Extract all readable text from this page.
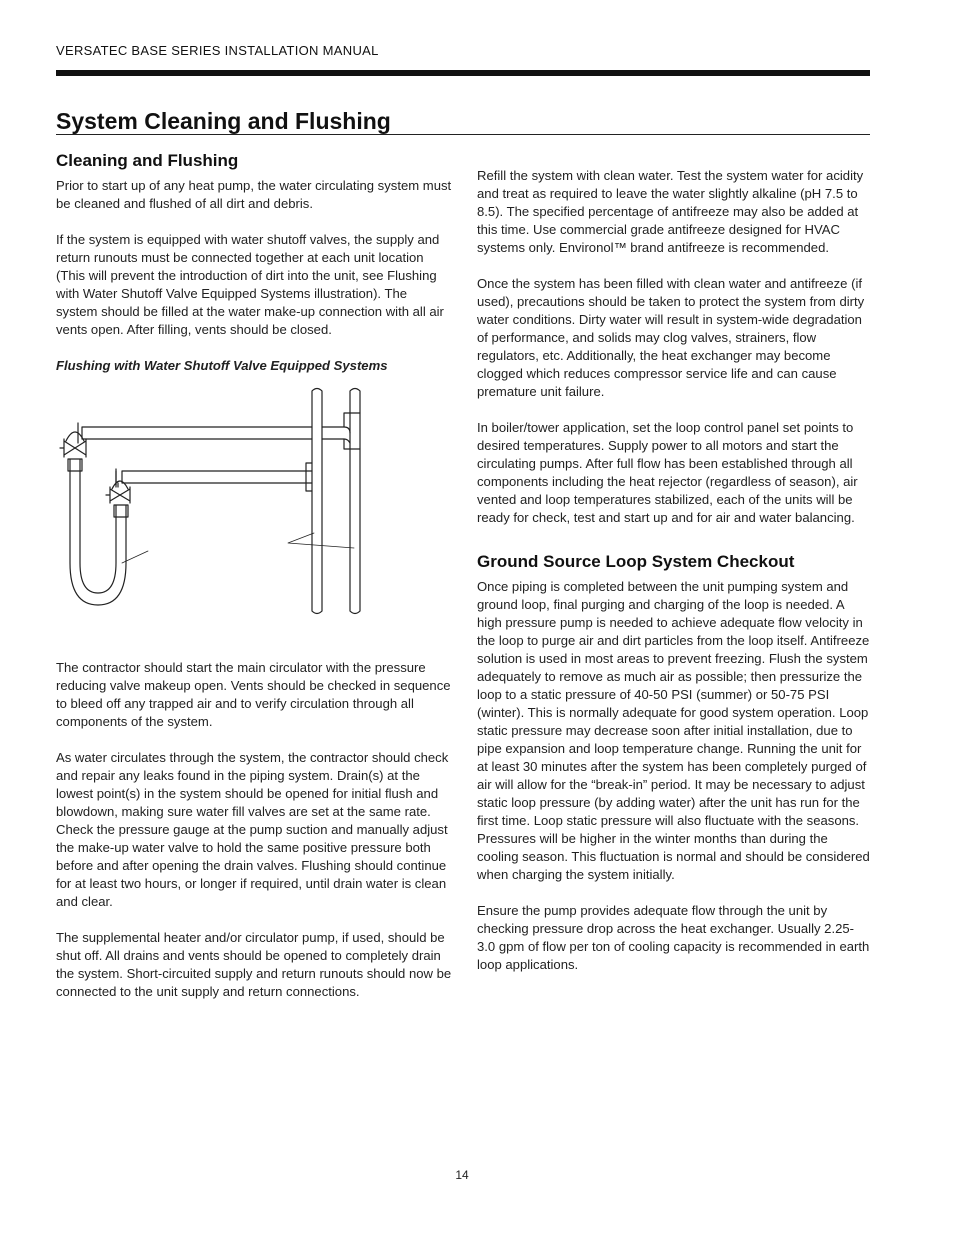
VERSATEC BASE SERIES INSTALLATION MANUAL
System Cleaning and Flushing
Cleaning and Flushing

Prior to start up of any heat pump, the water circulating system must be cleaned and flushed of all dirt and debris.

If the system is equipped with water shutoff valves, the supply and return runouts must be connected together at each unit location (This will prevent the introduction of dirt into the unit, see Flushing with Water Shutoff Valve Equipped Systems illustration). The system should be filled at the water make-up connection with all air vents open. After filling, vents should be closed.

Flushing with Water Shutoff Valve Equipped Systems

The contractor should start the main circulator with the pressure reducing valve makeup open. Vents should be checked in sequence to bleed off any trapped air and to verify circulation through all components of the system.

As water circulates through the system, the contractor should check and repair any leaks found in the piping system. Drain(s) at the lowest point(s) in the system should be opened for initial flush and blowdown, making sure water fill valves are set at the same rate. Check the pressure gauge at the pump suction and manually adjust the make-up water valve to hold the same positive pressure both before and after opening the drain valves. Flushing should continue for at least two hours, or longer if required, until drain water is clean and clear.

The supplemental heater and/or circulator pump, if used, should be shut off. All drains and vents should be opened to completely drain the system. Short-circuited supply and return runouts should now be connected to the unit supply and return connections.

Refill the system with clean water. Test the system water for acidity and treat as required to leave the water slightly alkaline (pH 7.5 to 8.5). The specified percentage of antifreeze may also be added at this time. Use commercial grade antifreeze designed for HVAC systems only. Environol™ brand antifreeze is recommended.

Once the system has been filled with clean water and antifreeze (if used), precautions should be taken to protect the system from dirty water conditions. Dirty water will result in system-wide degradation of performance, and solids may clog valves, strainers, flow regulators, etc. Additionally, the heat exchanger may become clogged which reduces compressor service life and can cause premature unit failure.

In boiler/tower application, set the loop control panel set points to desired temperatures. Supply power to all motors and start the circulating pumps. After full flow has been established through all components including the heat rejector (regardless of season), air vented and loop temperatures stabilized, each of the units will be ready for check, test and start up and for air and water balancing.

Ground Source Loop System Checkout

Once piping is completed between the unit pumping system and ground loop, final purging and charging of the loop is needed. A high pressure pump is needed to achieve adequate flow velocity in the loop to purge air and dirt particles from the loop itself. Antifreeze solution is used in most areas to prevent freezing. Flush the system adequately to remove as much air as possible; then pressurize the loop to a static pressure of 40-50 PSI (summer) or 50-75 PSI (winter). This is normally adequate for good system operation. Loop static pressure may decrease soon after initial installation, due to pipe expansion and loop temperature change. Running the unit for at least 30 minutes after the system has been completely purged of air will allow for the “break-in” period. It may be necessary to adjust static loop pressure (by adding water) after the unit has run for the first time. Loop static pressure will also fluctuate with the seasons. Pressures will be higher in the winter months than during the cooling season. This fluctuation is normal and should be considered when charging the system initially.

Ensure the pump provides adequate flow through the unit by checking pressure drop across the heat exchanger. Usually 2.25-3.0 gpm of flow per ton of cooling capacity is recommended in earth loop applications.

14
